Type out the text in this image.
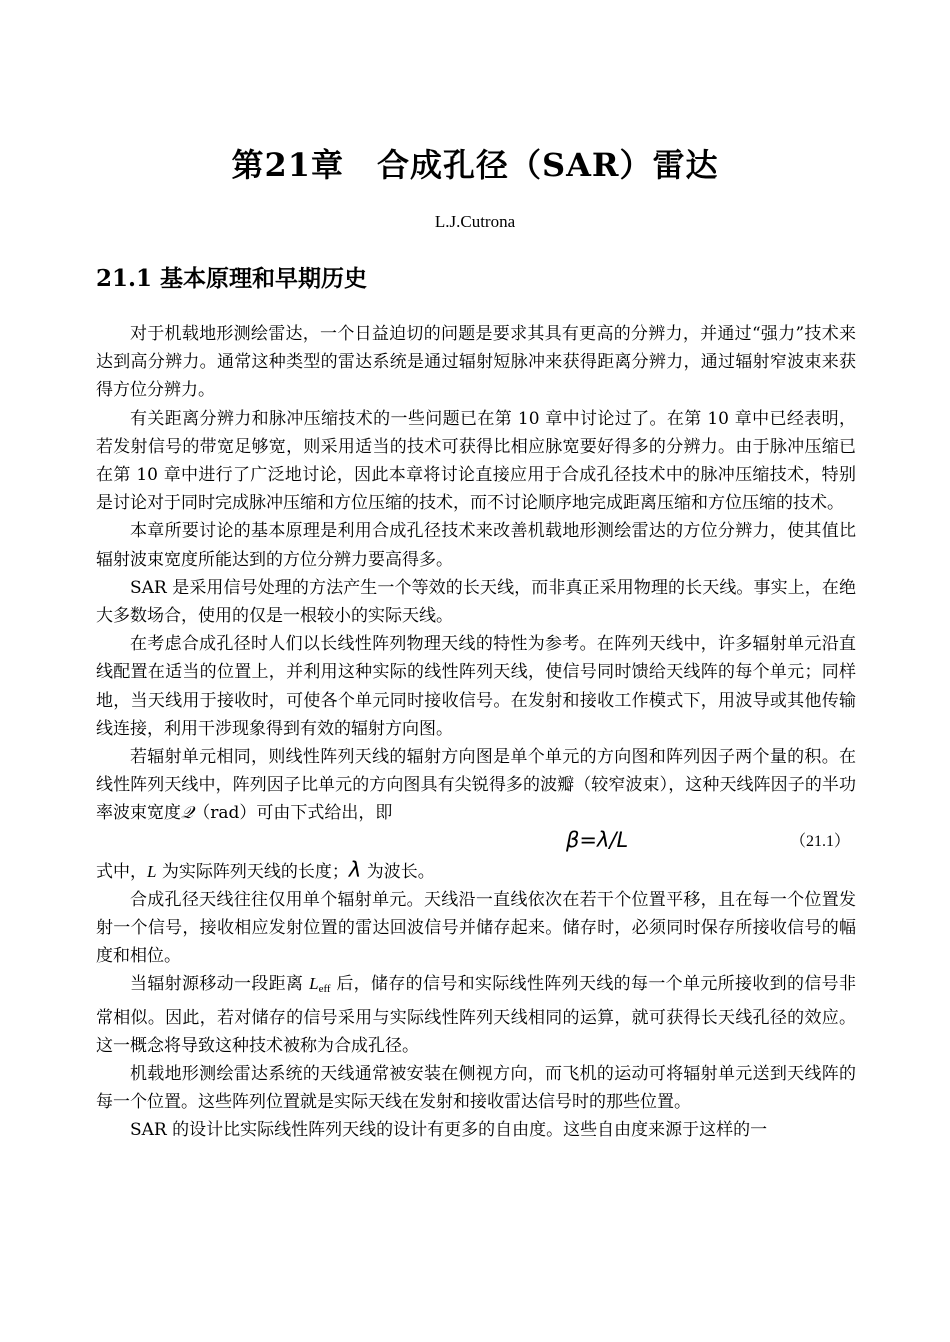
第21章　合成孔径（SAR）雷达
L.J.Cutrona
21.1 基本原理和早期历史

对于机载地形测绘雷达，一个日益迫切的问题是要求其具有更高的分辨力，并通过“强力”技术来达到高分辨力。通常这种类型的雷达系统是通过辐射短脉冲来获得距离分辨力，通过辐射窄波束来获得方位分辨力。

有关距离分辨力和脉冲压缩技术的一些问题已在第 10 章中讨论过了。在第 10 章中已经表明，若发射信号的带宽足够宽，则采用适当的技术可获得比相应脉宽要好得多的分辨力。由于脉冲压缩已在第 10 章中进行了广泛地讨论，因此本章将讨论直接应用于合成孔径技术中的脉冲压缩技术，特别是讨论对于同时完成脉冲压缩和方位压缩的技术，而不讨论顺序地完成距离压缩和方位压缩的技术。

本章所要讨论的基本原理是利用合成孔径技术来改善机载地形测绘雷达的方位分辨力，使其值比辐射波束宽度所能达到的方位分辨力要高得多。

SAR 是采用信号处理的方法产生一个等效的长天线，而非真正采用物理的长天线。事实上，在绝大多数场合，使用的仅是一根较小的实际天线。

在考虑合成孔径时人们以长线性阵列物理天线的特性为参考。在阵列天线中，许多辐射单元沿直线配置在适当的位置上，并利用这种实际的线性阵列天线，使信号同时馈给天线阵的每个单元；同样地，当天线用于接收时，可使各个单元同时接收信号。在发射和接收工作模式下，用波导或其他传输线连接，利用干涉现象得到有效的辐射方向图。

若辐射单元相同，则线性阵列天线的辐射方向图是单个单元的方向图和阵列因子两个量的积。在线性阵列天线中，阵列因子比单元的方向图具有尖锐得多的波瓣（较窄波束），这种天线阵因子的半功率波束宽度𝒬（rad）可由下式给出，即

β=λ/L	（21.1）

式中，L 为实际阵列天线的长度；λ 为波长。

合成孔径天线往往仅用单个辐射单元。天线沿一直线依次在若干个位置平移，且在每一个位置发射一个信号，接收相应发射位置的雷达回波信号并储存起来。储存时，必须同时保存所接收信号的幅度和相位。

当辐射源移动一段距离 $L_{eff}$ 后，储存的信号和实际线性阵列天线的每一个单元所接收到的信号非常相似。因此，若对储存的信号采用与实际线性阵列天线相同的运算，就可获得长天线孔径的效应。这一概念将导致这种技术被称为合成孔径。

机载地形测绘雷达系统的天线通常被安装在侧视方向，而飞机的运动可将辐射单元送到天线阵的每一个位置。这些阵列位置就是实际天线在发射和接收雷达信号时的那些位置。

SAR 的设计比实际线性阵列天线的设计有更多的自由度。这些自由度来源于这样的一
